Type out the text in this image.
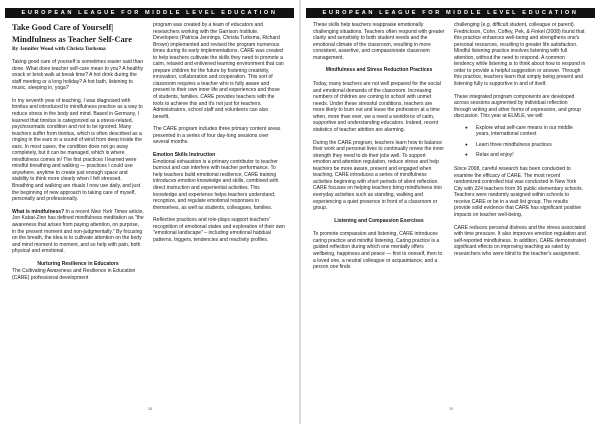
EUROPEAN LEAGUE FOR MIDDLE LEVEL EDUCATION
Take Good Care of Yourself|
Mindfulness as Teacher Self-Care
By Jennifer Wood with Christa Turksma

Taking good care of yourself is sometimes easier said than done. What does teacher self-care mean to you? A healthy snack or brisk walk at break time? A hot drink during the staff meeting or a long holiday? A hot bath, listening to music, sleeping in, yoga?

In my seventh year of teaching, I was diagnosed with tinnitus and introduced to mindfulness practice as a way to reduce stress in the body and mind. Based in Germany, I learned that tinnitus is categorized as a stress-related, psychosomatic condition and not to be ignored. Many teachers suffer from tinnitus, which is often described as a ringing in the ears or a sound of wind from deep inside the ears. In most cases, the condition does not go away completely, but it can be managed, which is where mindfulness comes in! The first practices I learned were mindful breathing and walking — practices I could use anywhere, anytime to create just enough space and stability to think more clearly when I felt stressed. Breathing and walking are rituals I now use daily, and just the beginning of new approach to taking care of myself, personally and professionally.

What is mindfulness? In a recent New York Times article, Jon Kabat-Zinn has defined mindfulness meditation as "the awareness that arises from paying attention, on purpose, in the present moment and non-judgmentally." By focusing on the breath, the idea is to cultivate attention on the body and mind moment to moment, and so help with pain, both physical and emotional.

Nurturing Resilience in Educators

The Cultivating Awareness and Resilience in Education (CARE) professional development

program was created by a team of educators and researchers working with the Garrison Institute. Developers (Patricia Jennings, Christa Turksma, Richard Brown) implemented and revised the program numerous times during its early implementations. CARE was created to help teachers cultivate the skills they need to promote a calm, relaxed and enlivened learning environment that can prepare children for the future by fostering creativity, innovation, collaboration and cooperation. This sort of classroom requires a teacher who is fully aware and present to their own inner life and experiences and those of students, families. CARE provides teachers with the tools to achieve this and it's not just for teachers. Administrators, school staff and volunteers can also benefit.

The CARE program includes three primary content areas presented in a series of four day-long sessions over several months.

Emotion Skills Instruction

Emotional exhaustion is a primary contributor to teacher burnout and can interfere with teacher performance. To help teachers build emotional resilience, CARE training introduces emotion knowledge and skills, combined with direct instruction and experiential activities. This knowledge and experience helps teachers understand, recognize, and regulate emotional responses in themselves, as well as students, colleagues, families.

Reflective practices and role-plays support teachers' recognition of emotional states and exploration of their own "emotional landscape" – including emotional habitual patterns, triggers, tendencies and reactivity profiles.

28
EUROPEAN LEAGUE FOR MIDDLE LEVEL EDUCATION

These skills help teachers reappraise emotionally challenging situations. Teachers often respond with greater clarity and sensitivity to both student needs and the emotional climate of the classroom, resulting in more consistent, assertive, and compassionate classroom management.

Mindfulness and Stress Reduction Practices

Today, many teachers are not well prepared for the social and emotional demands of the classroom. Increasing numbers of children are coming to school with unmet needs. Under these stressful conditions, teachers are more likely to burn out and leave the profession at a time when, more than ever, we a need a workforce of calm, supportive and understanding educators. Indeed, recent statistics of teacher attrition are alarming.

During the CARE program, teachers learn how to balance their work and personal lives to continually renew the inner strength they need to do their jobs well. To support emotion and attention regulation, reduce stress and help teachers be more aware, present and engaged when teaching, CARE introduces a series of mindfulness activities beginning with short periods of silent reflection. CARE focuses on helping teachers bring mindfulness into everyday activities such as standing, walking and experiencing a quiet presence in front of a classroom or group.

Listening and Compassion Exercises

To promote compassion and listening, CARE introduces caring practice and mindful listening. Caring practice is a guided reflection during which one mentally offers wellbeing, happiness and peace — first to oneself, then to a loved one, a neutral colleague or acquaintance, and a person one finds

challenging (e.g. difficult student, colleague or parent). Fredrickson, Cohn, Coffey, Pek, & Finkel (2008) found that this practice enhances well-being and strengthens one's personal resources, resulting in greater life satisfaction. Mindful listening practice involves listening with full attention, without the need to respond. A common tendency while listening is to think about how to respond in order to provide a helpful suggestion or answer. Through this practice, teachers learn that simply being present and listening fully is supportive in and of itself.

These integrated program components are developed across sessions augmented by individual reflection through writing and other forms of expression, and group discussion. This year at ELMLE, we will:

● Explore what self-care means in our middle years, international context
● Learn three mindfulness practices
● Relax and enjoy!

Since 2008, careful research has been conducted to examine the efficacy of CARE. The most recent randomized controlled trial was conducted in New York City with 224 teachers from 36 public elementary schools. Teachers were randomly assigned within schools to receive CARE or be in a wait list group. The results provide solid evidence that CARE has significant positive impacts on teacher well-being.

CARE reduces personal distress and the stress associated with time pressure. It also improves emotion regulation and self-reported mindfulness. In addition, CARE demonstrated significant effects on improving teaching as rated by researchers who were blind to the teacher's assignment.

29
